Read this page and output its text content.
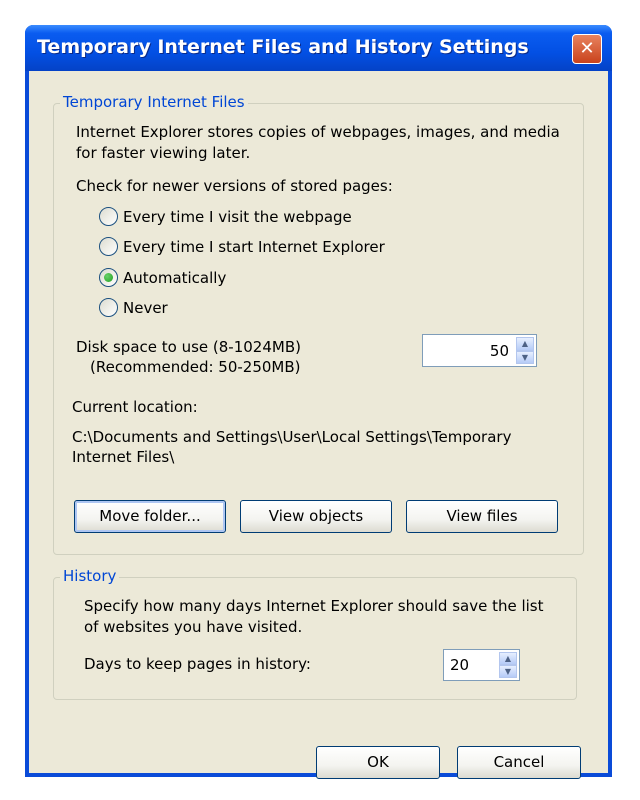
Temporary Internet Files and History Settings	✕
Temporary Internet Files
Internet Explorer stores copies of webpages, images, and media
for faster viewing later.
Check for newer versions of stored pages:
Every time I visit the webpage
Every time I start Internet Explorer
Automatically
Never
Disk space to use (8-1024MB)
(Recommended: 50-250MB)
50
▲
▼
Current location:
C:\Documents and Settings\User\Local Settings\Temporary
Internet Files\
Move folder...	View objects	View files
History
Specify how many days Internet Explorer should save the list
of websites you have visited.
Days to keep pages in history:
20	▲
▼
OK	Cancel
